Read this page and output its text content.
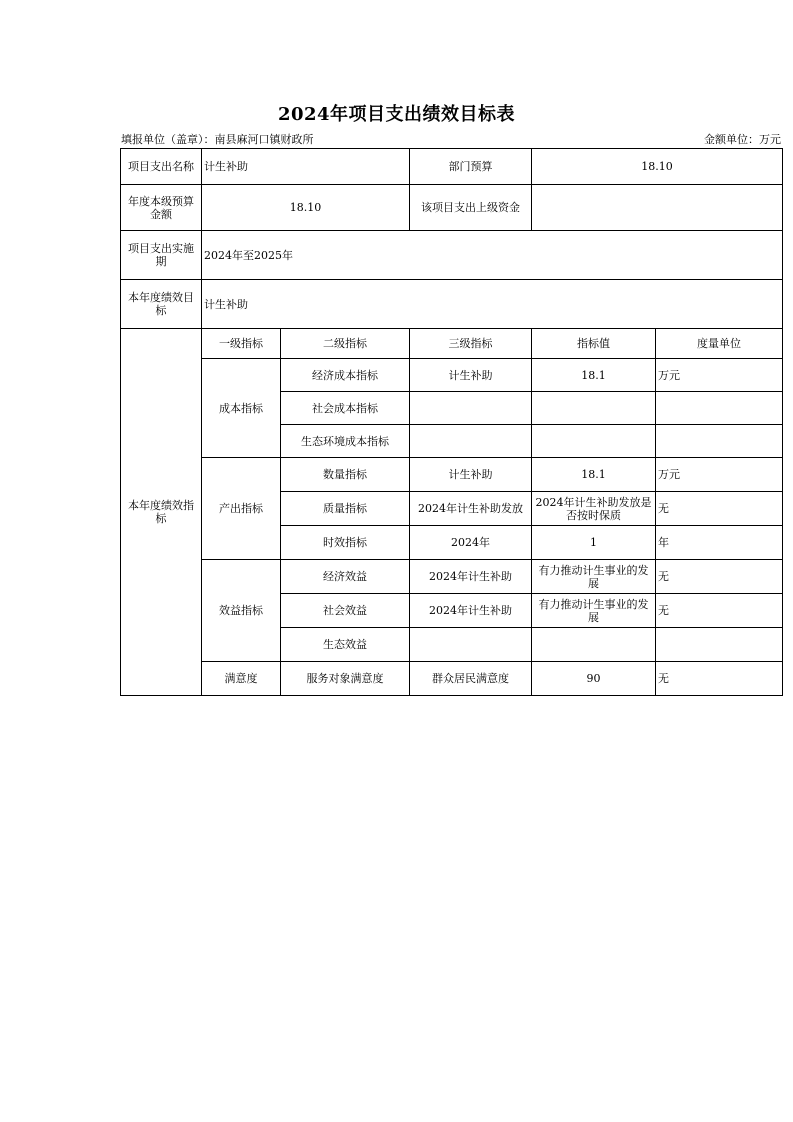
2024年项目支出绩效目标表
填报单位（盖章）：南县麻河口镇财政所	金额单位：万元
项目支出名称	计生补助		部门预算	18.10	
年度本级预算金额	18.10		该项目支出上级资金		
项目支出实施期	2024年至2025年				
本年度绩效目标	计生补助				
本年度绩效指标	一级指标	二级指标	三级指标	指标值	度量单位
	成本指标	经济成本指标	计生补助	18.1	万元
		社会成本指标			
		生态环境成本指标			
	产出指标	数量指标	计生补助	18.1	万元
		质量指标	2024年计生补助发放	2024年计生补助发放是否按时保质	无
		时效指标	2024年	1	年
	效益指标	经济效益	2024年计生补助	有力推动计生事业的发展	无
		社会效益	2024年计生补助	有力推动计生事业的发展	无
		生态效益			
	满意度	服务对象满意度	群众居民满意度	90	无
